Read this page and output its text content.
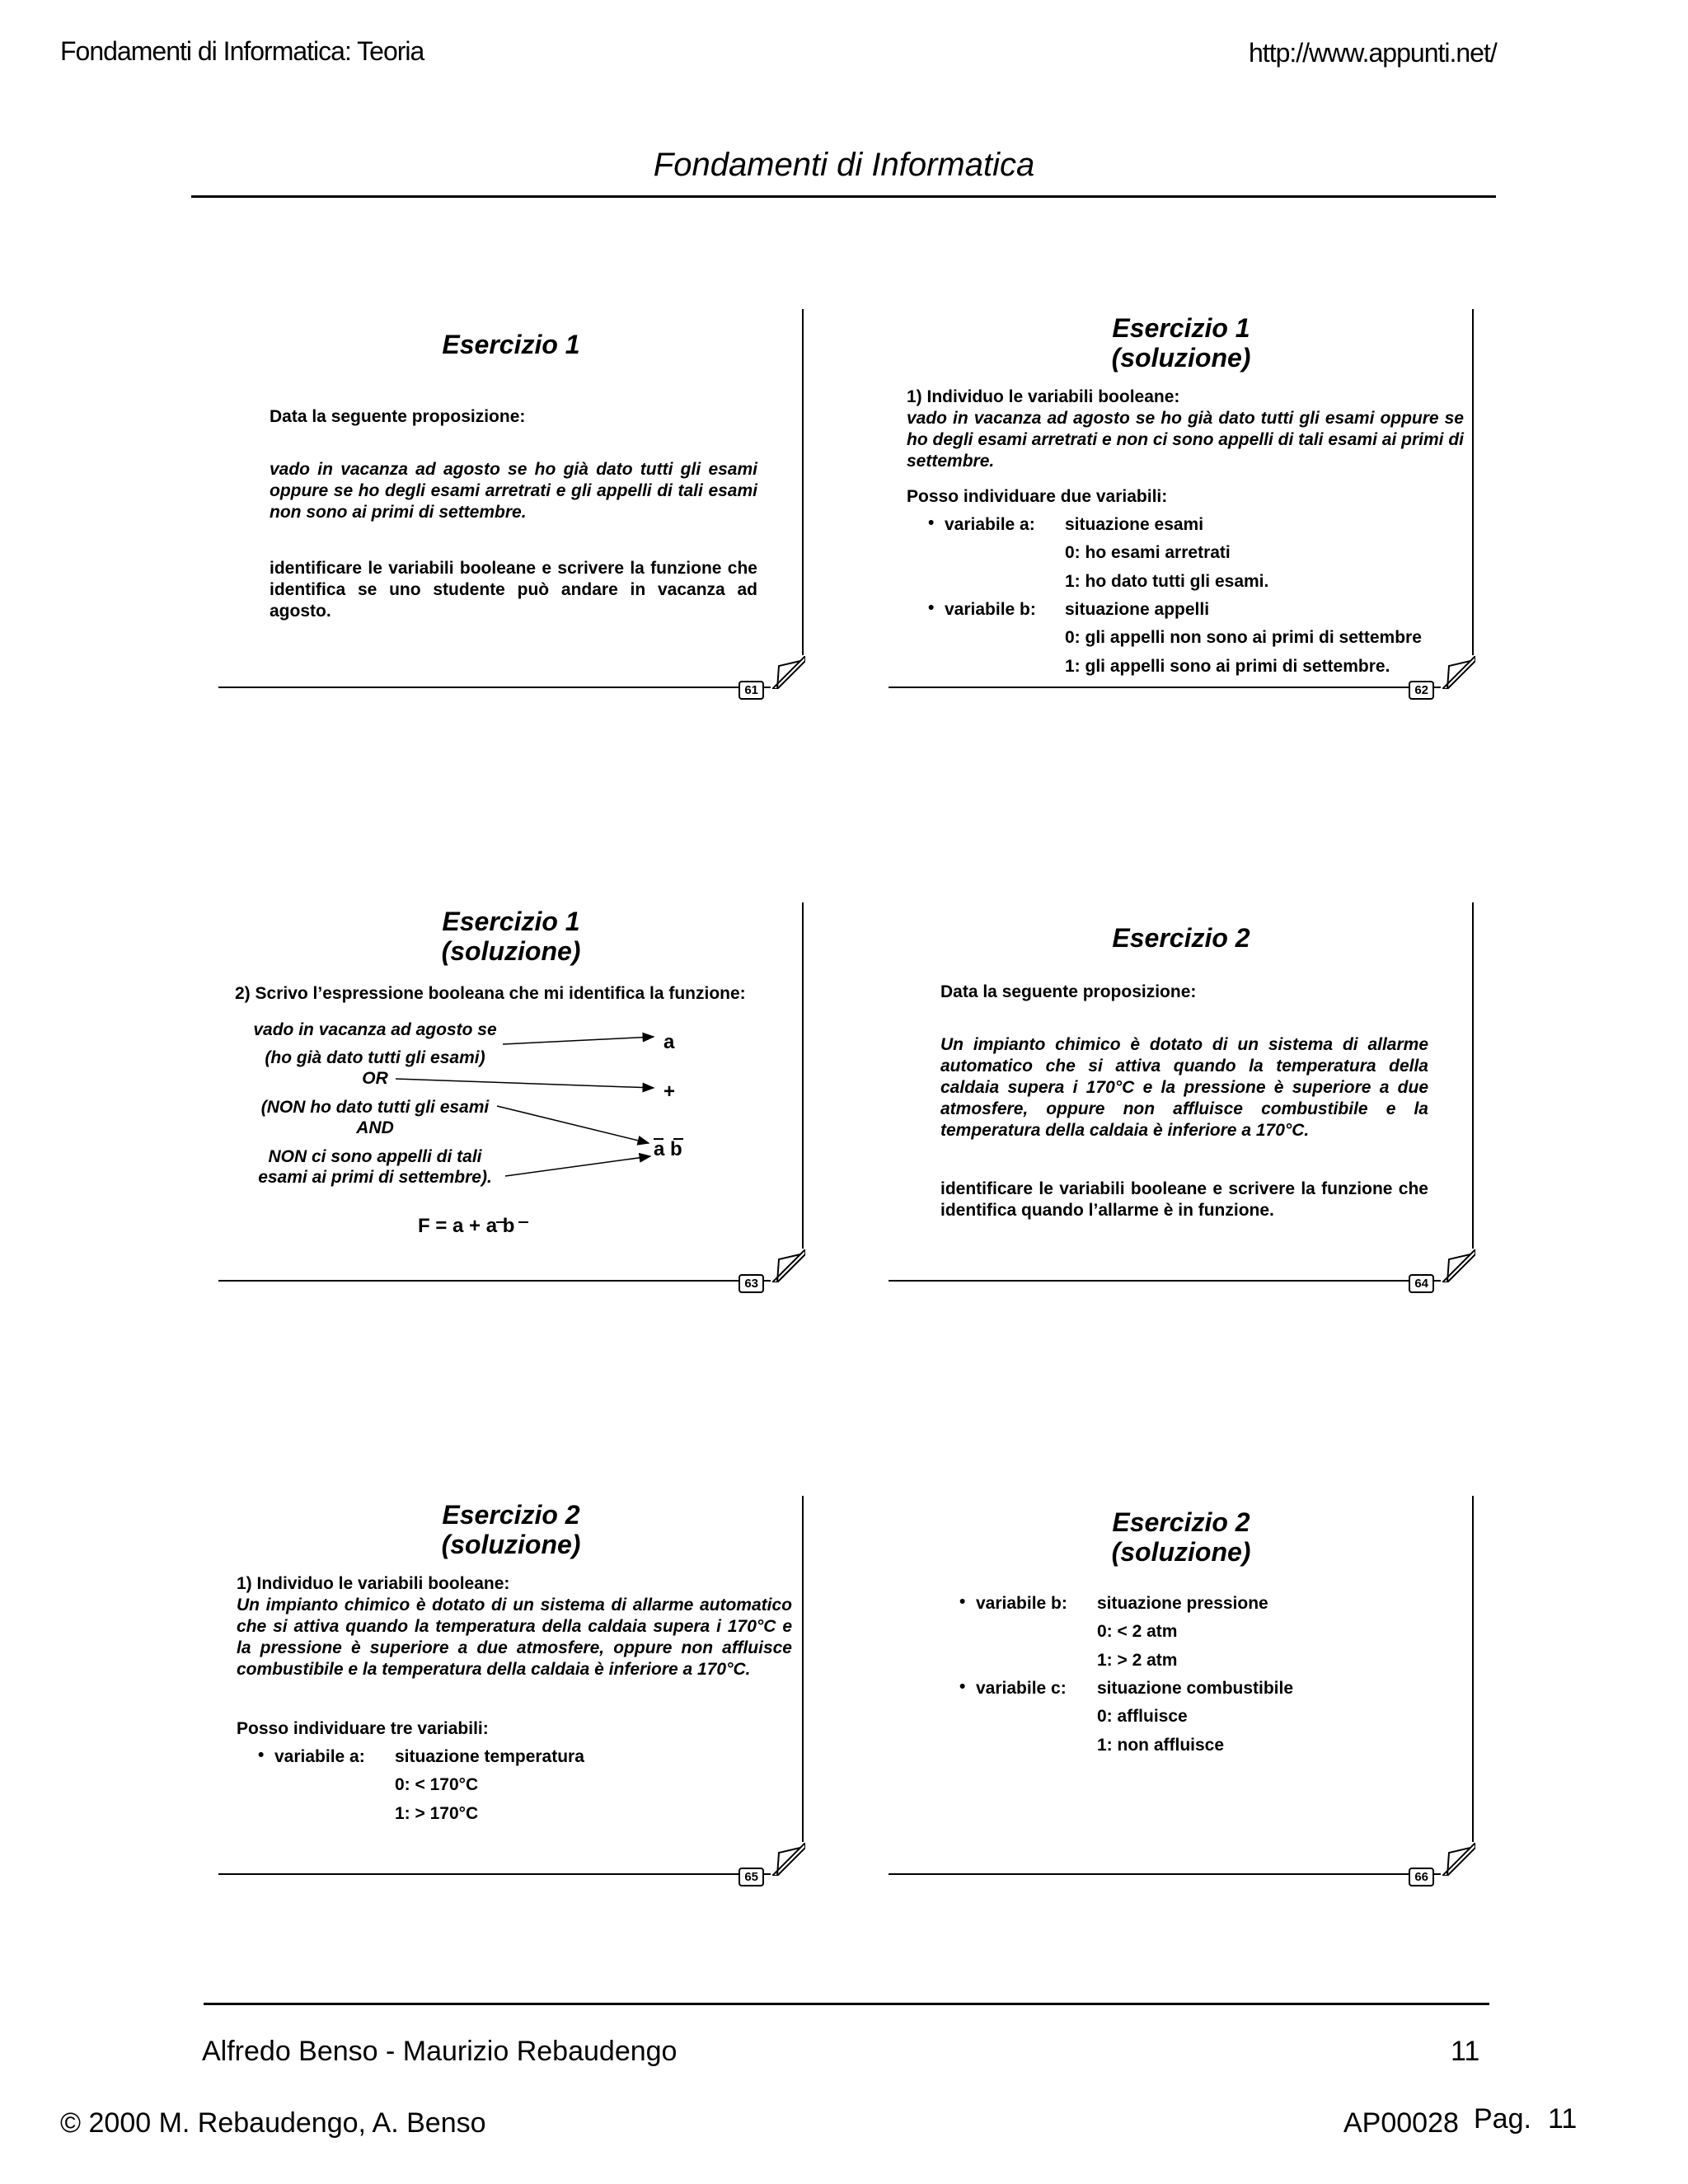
Fondamenti di Informatica: Teoria	http://www.appunti.net/
Fondamenti di Informatica
Esercizio 1
Data la seguente proposizione:
vado in vacanza ad agosto se ho già dato tutti gli esami oppure se ho degli esami arretrati e gli appelli di tali esami non sono ai primi di settembre.
identificare le variabili booleane e scrivere la funzione che identifica se uno studente può andare in vacanza ad agosto.
61
Esercizio 1
(soluzione)
1) Individuo le variabili booleane:
vado in vacanza ad agosto se ho già dato tutti gli esami oppure se ho degli esami arretrati e non ci sono appelli di tali esami ai primi di settembre.
Posso individuare due variabili:
• variabile a: situazione esami
0: ho esami arretrati
1: ho dato tutti gli esami.
• variabile b: situazione appelli
0: gli appelli non sono ai primi di settembre
1: gli appelli sono ai primi di settembre.
62
Esercizio 1
(soluzione)
2) Scrivo l’espressione booleana che mi identifica la funzione:
vado in vacanza ad agosto se
(ho già dato tutti gli esami)
OR
(NON ho dato tutti gli esami
AND
NON ci sono appelli di tali
esami ai primi di settembre).
a
+
a b
F = a + a b
63
Esercizio 2
Data la seguente proposizione:
Un impianto chimico è dotato di un sistema di allarme automatico che si attiva quando la temperatura della caldaia supera i 170°C e la pressione è superiore a due atmosfere, oppure non affluisce combustibile e la temperatura della caldaia è inferiore a 170°C.
identificare le variabili booleane e scrivere la funzione che identifica quando l’allarme è in funzione.
64
Esercizio 2
(soluzione)
1) Individuo le variabili booleane:
Un impianto chimico è dotato di un sistema di allarme automatico che si attiva quando la temperatura della caldaia supera i 170°C e la pressione è superiore a due atmosfere, oppure non affluisce combustibile e la temperatura della caldaia è inferiore a 170°C.
Posso individuare tre variabili:
• variabile a: situazione temperatura
0: < 170°C
1: > 170°C
65
Esercizio 2
(soluzione)
• variabile b: situazione pressione
0: < 2 atm
1: > 2 atm
• variabile c: situazione combustibile
0: affluisce
1: non affluisce
66
Alfredo Benso - Maurizio Rebaudengo	11
© 2000 M. Rebaudengo, A. Benso	AP00028 Pag. 11
